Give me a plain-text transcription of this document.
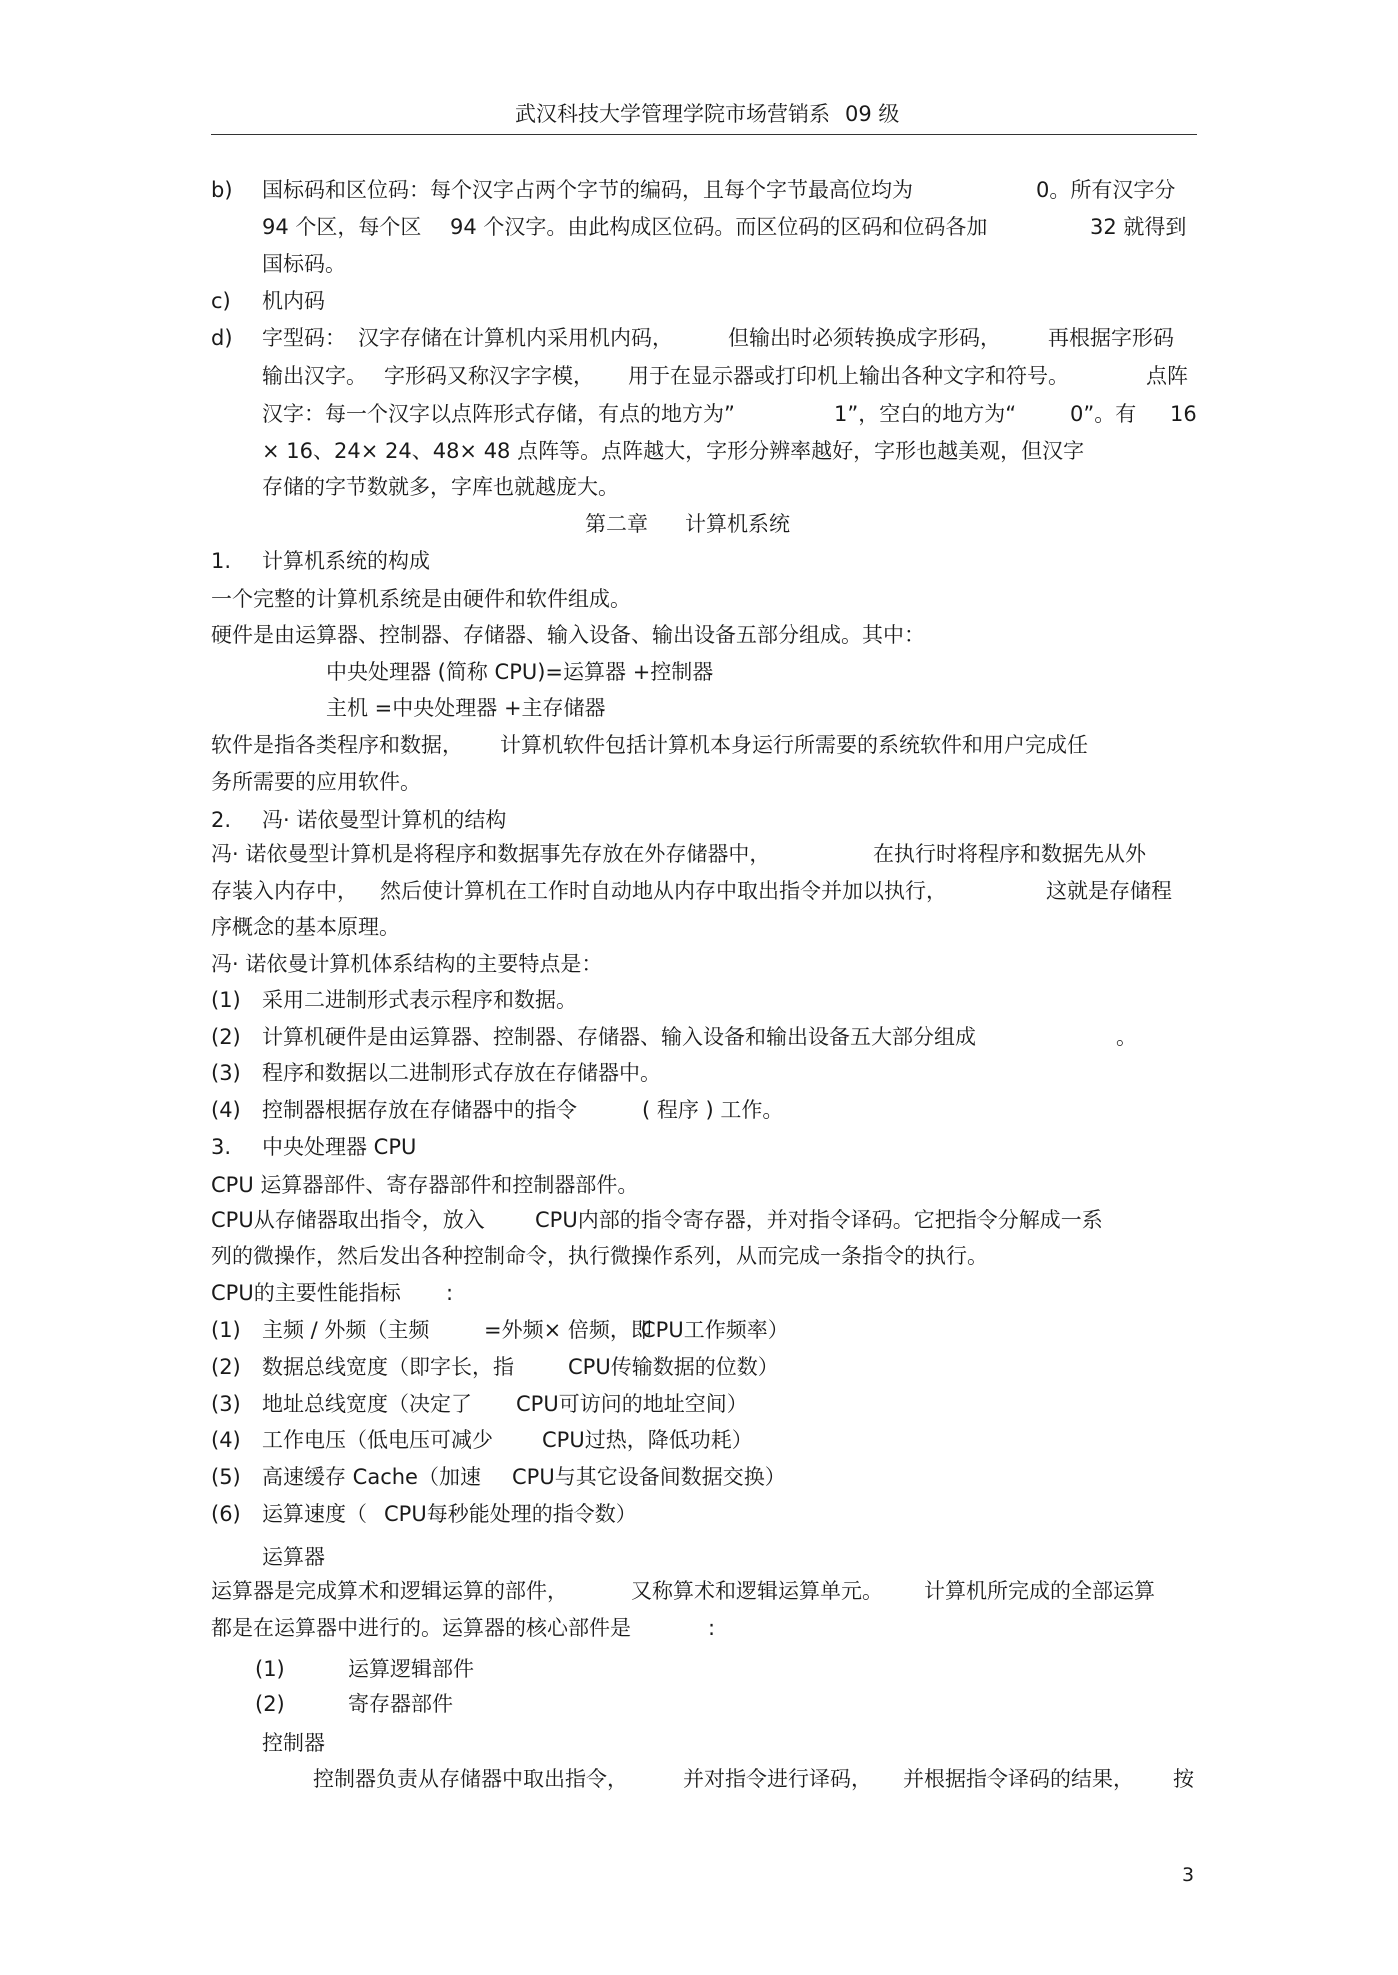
武汉科技大学管理学院市场营销系 09 级
b) 国标码和区位码：每个汉字占两个字节的编码，且每个字节最高位均为	0。所有汉字分
94 个区，每个区 94 个汉字。由此构成区位码。而区位码的区码和位码各加	32 就得到
国标码。
c) 机内码
d) 字型码： 汉字存储在计算机内采用机内码，	但输出时必须转换成字形码， 再根据字形码
输出汉字。 字形码又称汉字字模， 用于在显示器或打印机上输出各种文字和符号。	点阵
汉字：每一个汉字以点阵形式存储，有点的地方为”	1”，空白的地方为“	0”。有 16
× 16、24× 24、48× 48 点阵等。点阵越大，字形分辨率越好，字形也越美观，但汉字
存储的字节数就多，字库也就越庞大。
第二章 计算机系统
1. 计算机系统的构成
一个完整的计算机系统是由硬件和软件组成。
硬件是由运算器、控制器、存储器、输入设备、输出设备五部分组成。其中：
中央处理器 (简称 CPU)=运算器 +控制器
主机 =中央处理器 +主存储器
软件是指各类程序和数据， 计算机软件包括计算机本身运行所需要的系统软件和用户完成任
务所需要的应用软件。
2. 冯· 诺依曼型计算机的结构
冯· 诺依曼型计算机是将程序和数据事先存放在外存储器中，	在执行时将程序和数据先从外
存装入内存中， 然后使计算机在工作时自动地从内存中取出指令并加以执行，	这就是存储程
序概念的基本原理。
冯· 诺依曼计算机体系结构的主要特点是：
(1) 采用二进制形式表示程序和数据。
(2) 计算机硬件是由运算器、控制器、存储器、输入设备和输出设备五大部分组成	。
(3) 程序和数据以二进制形式存放在存储器中。
(4) 控制器根据存放在存储器中的指令	( 程序 ) 工作。
3. 中央处理器 CPU
CPU 运算器部件、寄存器部件和控制器部件。
CPU从存储器取出指令，放入 CPU内部的指令寄存器，并对指令译码。它把指令分解成一系
列的微操作，然后发出各种控制命令，执行微操作系列，从而完成一条指令的执行。
CPU的主要性能指标 :
(1) 主频 / 外频（主频	=外频× 倍频，即
CPU工作频率）
(2) 数据总线宽度（即字长，指	CPU传输数据的位数）
(3) 地址总线宽度（决定了 CPU可访问的地址空间）
(4) 工作电压（低电压可减少 CPU过热，降低功耗）
(5) 高速缓存 Cache（加速 CPU与其它设备间数据交换）
(6) 运算速度（ CPU每秒能处理的指令数）
运算器
运算器是完成算术和逻辑运算的部件，	又称算术和逻辑运算单元。 计算机所完成的全部运算
都是在运算器中进行的。运算器的核心部件是	:
(1)	运算逻辑部件
(2)	寄存器部件
控制器
控制器负责从存储器中取出指令，	并对指令进行译码， 并根据指令译码的结果， 按
3
